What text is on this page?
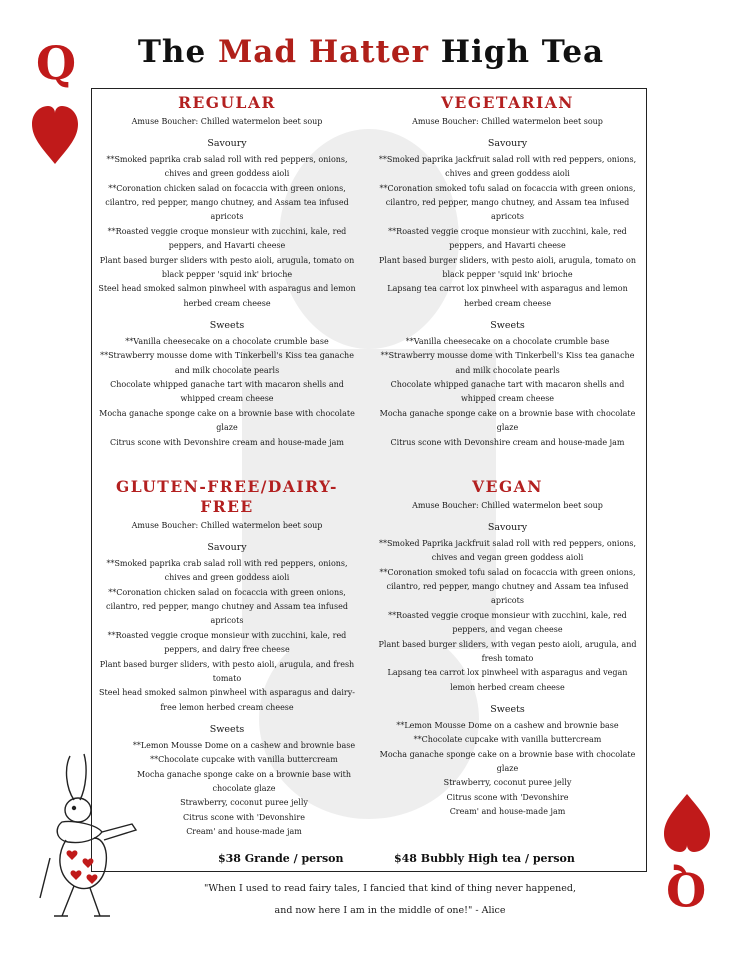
The Mad Hatter High Tea
Q
Q
REGULAR
Amuse Boucher: Chilled watermelon beet soup
Savoury
**Smoked paprika crab salad roll with red peppers, onions, chives and green goddess aioli
**Coronation chicken salad on focaccia with green onions, cilantro, red pepper, mango chutney, and Assam tea infused apricots
**Roasted veggie croque monsieur with zucchini, kale, red peppers, and Havarti cheese
Plant based burger sliders with pesto aioli, arugula, tomato on black pepper 'squid ink' brioche
Steel head smoked salmon pinwheel with asparagus and lemon herbed cream cheese
Sweets
**Vanilla cheesecake on a chocolate crumble base
**Strawberry mousse dome with Tinkerbell's Kiss tea ganache and milk chocolate pearls
Chocolate whipped ganache tart with macaron shells and whipped cream cheese
Mocha ganache sponge cake on a brownie base with chocolate glaze
Citrus scone with Devonshire cream and house-made jam
VEGETARIAN
Amuse Boucher: Chilled watermelon beet soup
Savoury
**Smoked paprika jackfruit salad roll with red peppers, onions, chives and green goddess aioli
**Coronation smoked tofu salad on focaccia with green onions, cilantro, red pepper, mango chutney, and Assam tea infused apricots
**Roasted veggie croque monsieur with zucchini, kale, red peppers, and Havarti cheese
Plant based burger sliders, with pesto aioli, arugula, tomato on black pepper 'squid ink' brioche
Lapsang tea carrot lox pinwheel with asparagus and lemon herbed cream cheese
Sweets
**Vanilla cheesecake on a chocolate crumble base
**Strawberry mousse dome with Tinkerbell's Kiss tea ganache and milk chocolate pearls
Chocolate whipped ganache tart with macaron shells and whipped cream cheese
Mocha ganache sponge cake on a brownie base with chocolate glaze
Citrus scone with Devonshire cream and house-made jam
GLUTEN-FREE/DAIRY-FREE
Amuse Boucher: Chilled watermelon beet soup
Savoury
**Smoked paprika crab salad roll with red peppers, onions, chives and green goddess aioli
**Coronation chicken salad on focaccia with green onions, cilantro, red pepper, mango chutney and Assam tea infused apricots
**Roasted veggie croque monsieur with zucchini, kale, red peppers, and dairy free cheese
Plant based burger sliders, with pesto aioli, arugula, and fresh tomato
Steel head smoked salmon pinwheel with asparagus and dairy-free lemon herbed cream cheese
Sweets
**Lemon Mousse Dome on a cashew and brownie base
**Chocolate cupcake with vanilla buttercream
Mocha ganache sponge cake on a brownie base with chocolate glaze
Strawberry, coconut puree jelly
Citrus scone with 'Devonshire
Cream' and house-made jam
VEGAN
Amuse Boucher: Chilled watermelon beet soup
Savoury
**Smoked Paprika jackfruit salad roll with red peppers, onions, chives and vegan green goddess aioli
**Coronation smoked tofu salad on focaccia with green onions, cilantro, red pepper, mango chutney and Assam tea infused apricots
**Roasted veggie croque monsieur with zucchini, kale, red peppers, and vegan cheese
Plant based burger sliders, with vegan pesto aioli, arugula, and fresh tomato
Lapsang tea carrot lox pinwheel with asparagus and vegan lemon herbed cream cheese
Sweets
**Lemon Mousse Dome on a cashew and brownie base
**Chocolate cupcake with vanilla buttercream
Mocha ganache sponge cake on a brownie base with chocolate glaze
Strawberry, coconut puree jelly
Citrus scone with 'Devonshire
Cream' and house-made jam
$38 Grande / person	$48 Bubbly High tea / person
"When I used to read fairy tales, I fancied that kind of thing never happened,
and now here I am in the middle of one!" - Alice
